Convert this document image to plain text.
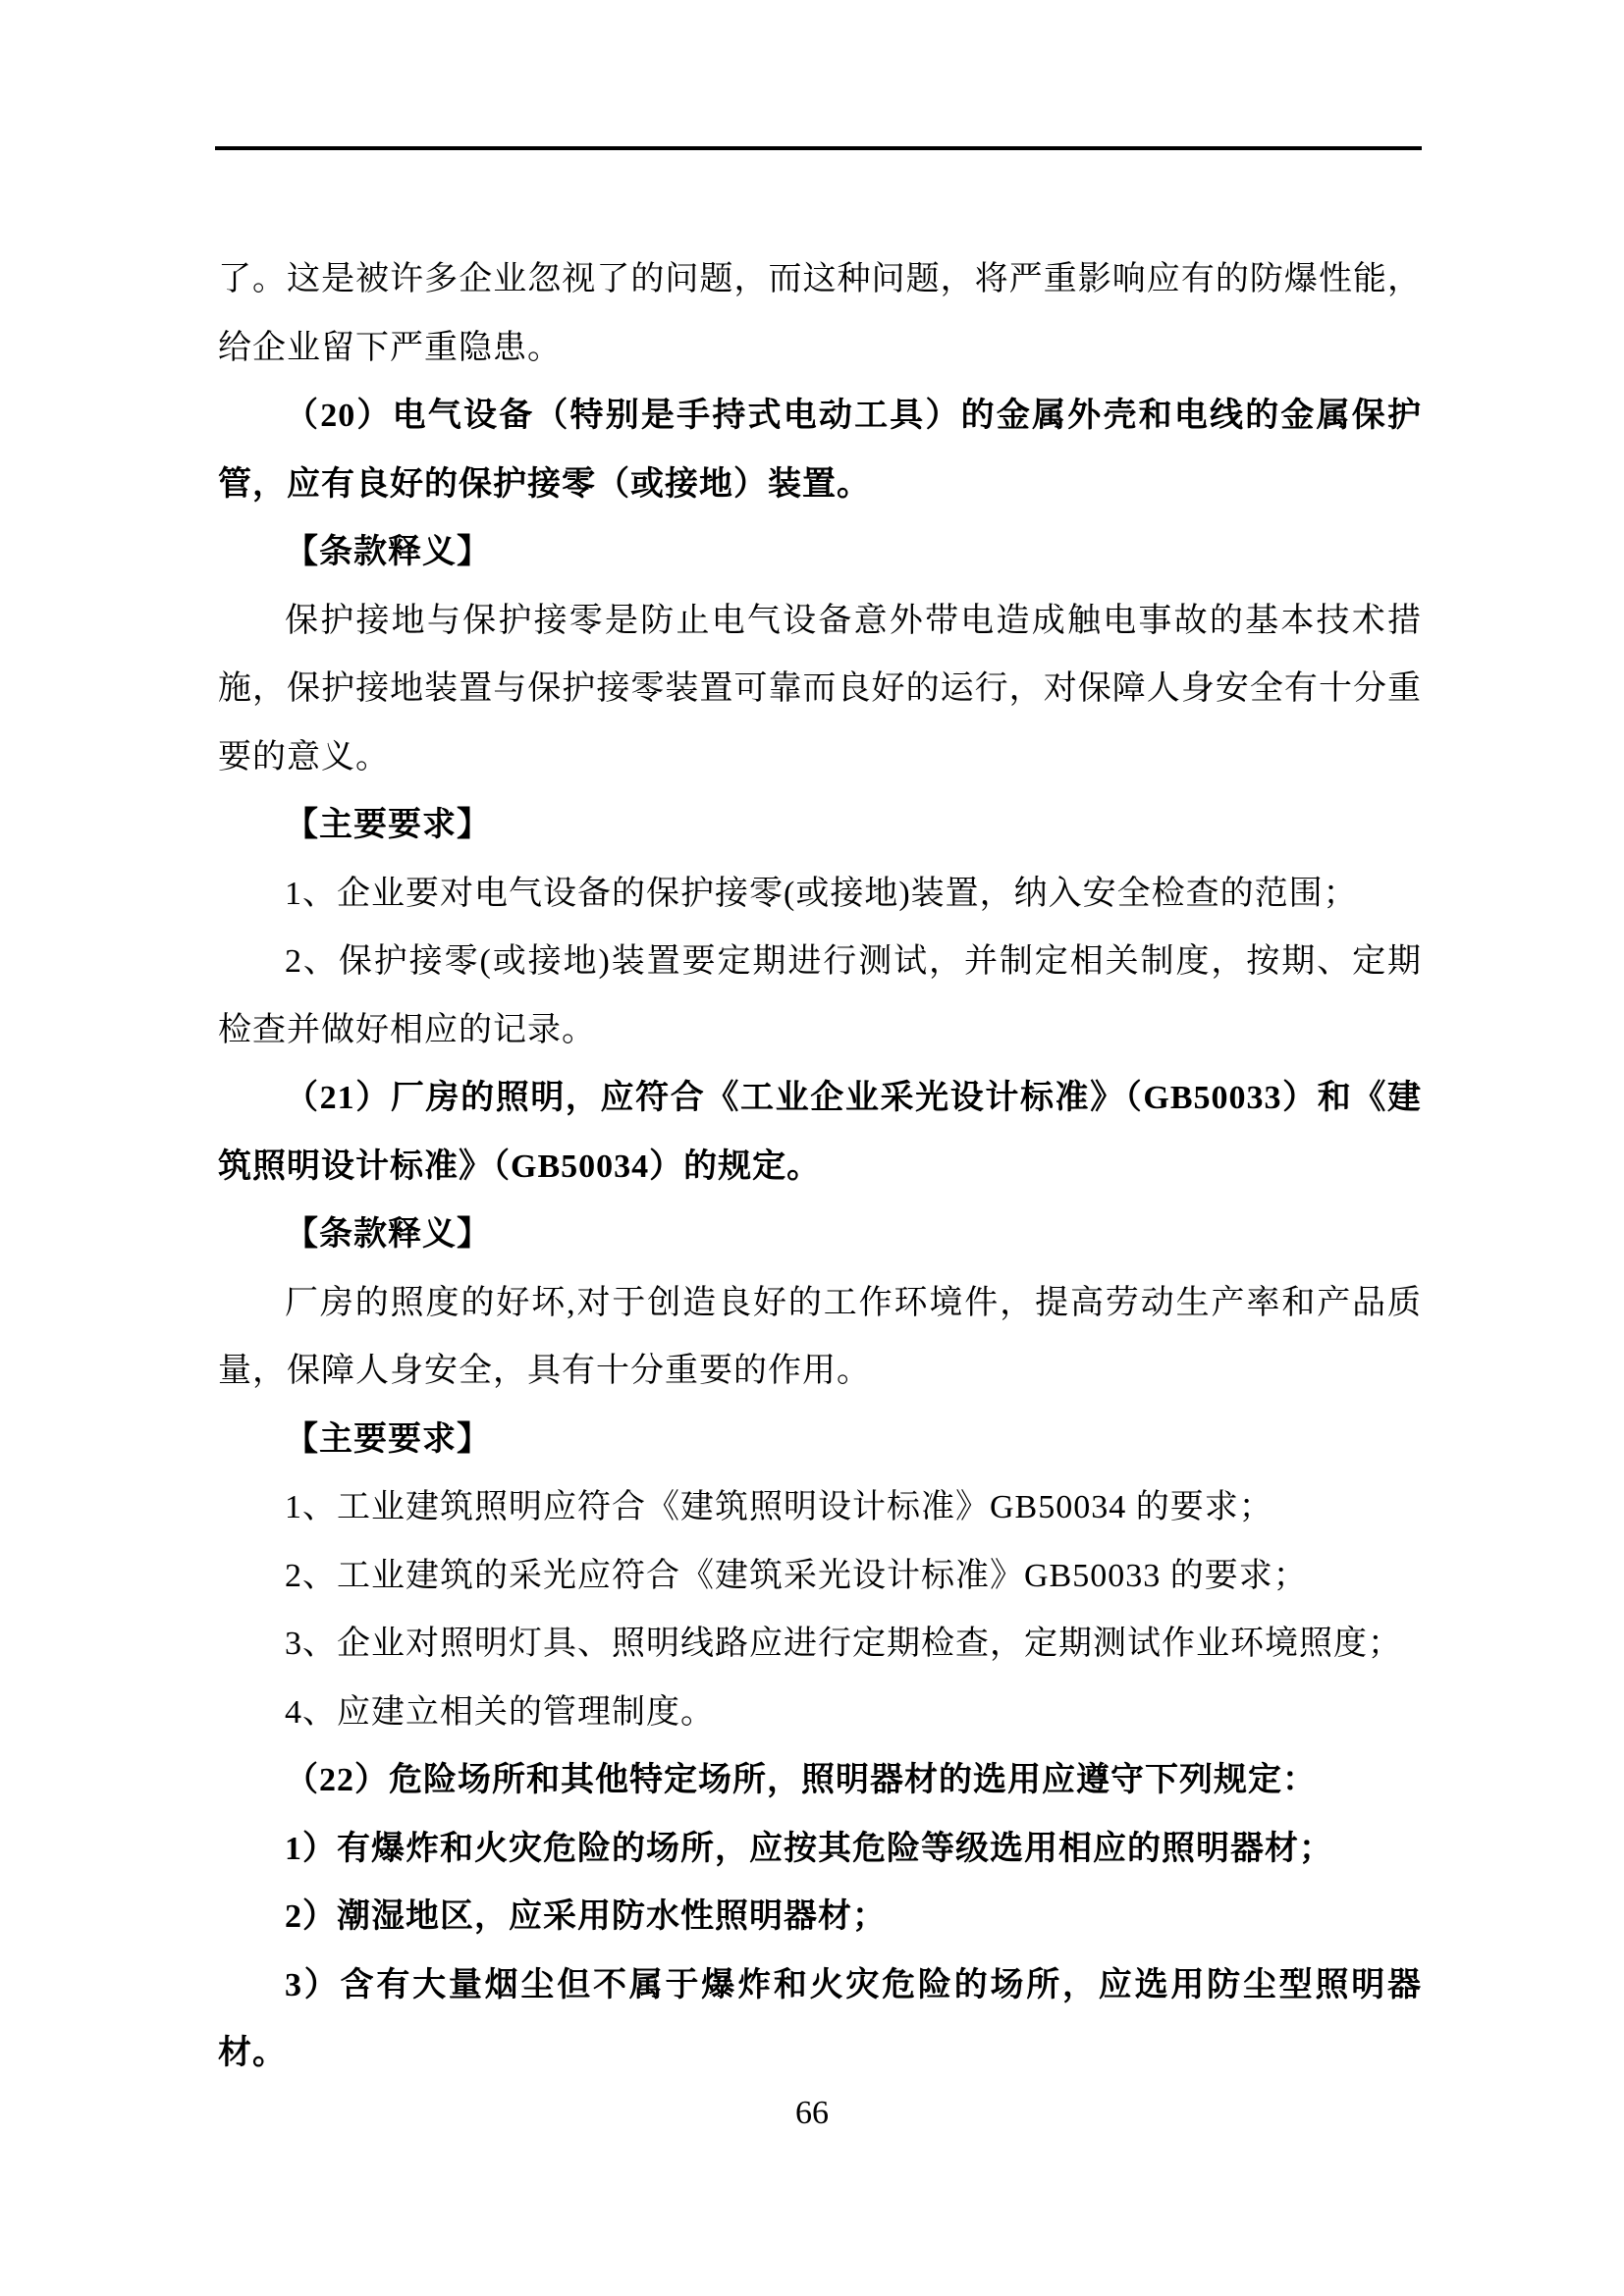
了。这是被许多企业忽视了的问题，而这种问题，将严重影响应有的防爆性能，给企业留下严重隐患。

（20）电气设备（特别是手持式电动工具）的金属外壳和电线的金属保护管，应有良好的保护接零（或接地）装置。

【条款释义】

保护接地与保护接零是防止电气设备意外带电造成触电事故的基本技术措施，保护接地装置与保护接零装置可靠而良好的运行，对保障人身安全有十分重要的意义。

【主要要求】

1、企业要对电气设备的保护接零(或接地)装置，纳入安全检查的范围；

2、保护接零(或接地)装置要定期进行测试，并制定相关制度，按期、定期检查并做好相应的记录。

（21）厂房的照明，应符合《工业企业采光设计标准》（GB50033）和《建筑照明设计标准》（GB50034）的规定。

【条款释义】

厂房的照度的好坏,对于创造良好的工作环境件，提高劳动生产率和产品质量，保障人身安全，具有十分重要的作用。

【主要要求】

1、工业建筑照明应符合《建筑照明设计标准》GB50034 的要求；

2、工业建筑的采光应符合《建筑采光设计标准》GB50033 的要求；

3、企业对照明灯具、照明线路应进行定期检查，定期测试作业环境照度；

4、应建立相关的管理制度。

（22）危险场所和其他特定场所，照明器材的选用应遵守下列规定：

1）有爆炸和火灾危险的场所，应按其危险等级选用相应的照明器材；

2）潮湿地区，应采用防水性照明器材；

3）含有大量烟尘但不属于爆炸和火灾危险的场所，应选用防尘型照明器材。

66
